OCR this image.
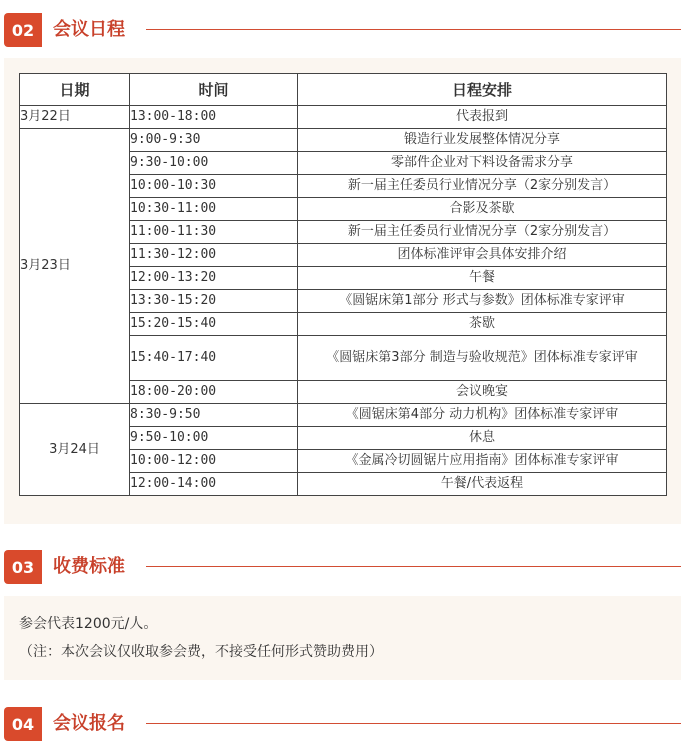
02	会议日程
日期	时间	日程安排
3月22日	13:00-18:00	代表报到
3月23日	9:00-9:30	锻造行业发展整体情况分享
	9:30-10:00	零部件企业对下料设备需求分享
	10:00-10:30	新一届主任委员行业情况分享（2家分别发言）
	10:30-11:00	合影及茶歇
	11:00-11:30	新一届主任委员行业情况分享（2家分别发言）
	11:30-12:00	团体标准评审会具体安排介绍
	12:00-13:20	午餐
	13:30-15:20	《圆锯床第1部分 形式与参数》团体标准专家评审
	15:20-15:40	茶歇
	15:40-17:40	《圆锯床第3部分 制造与验收规范》团体标准专家评审
	18:00-20:00	会议晚宴
3月24日	8:30-9:50	《圆锯床第4部分 动力机构》团体标准专家评审
	9:50-10:00	休息
	10:00-12:00	《金属冷切圆锯片应用指南》团体标准专家评审
	12:00-14:00	午餐/代表返程
03	收费标准
参会代表1200元/人。
（注：本次会议仅收取参会费，不接受任何形式赞助费用）
04	会议报名
